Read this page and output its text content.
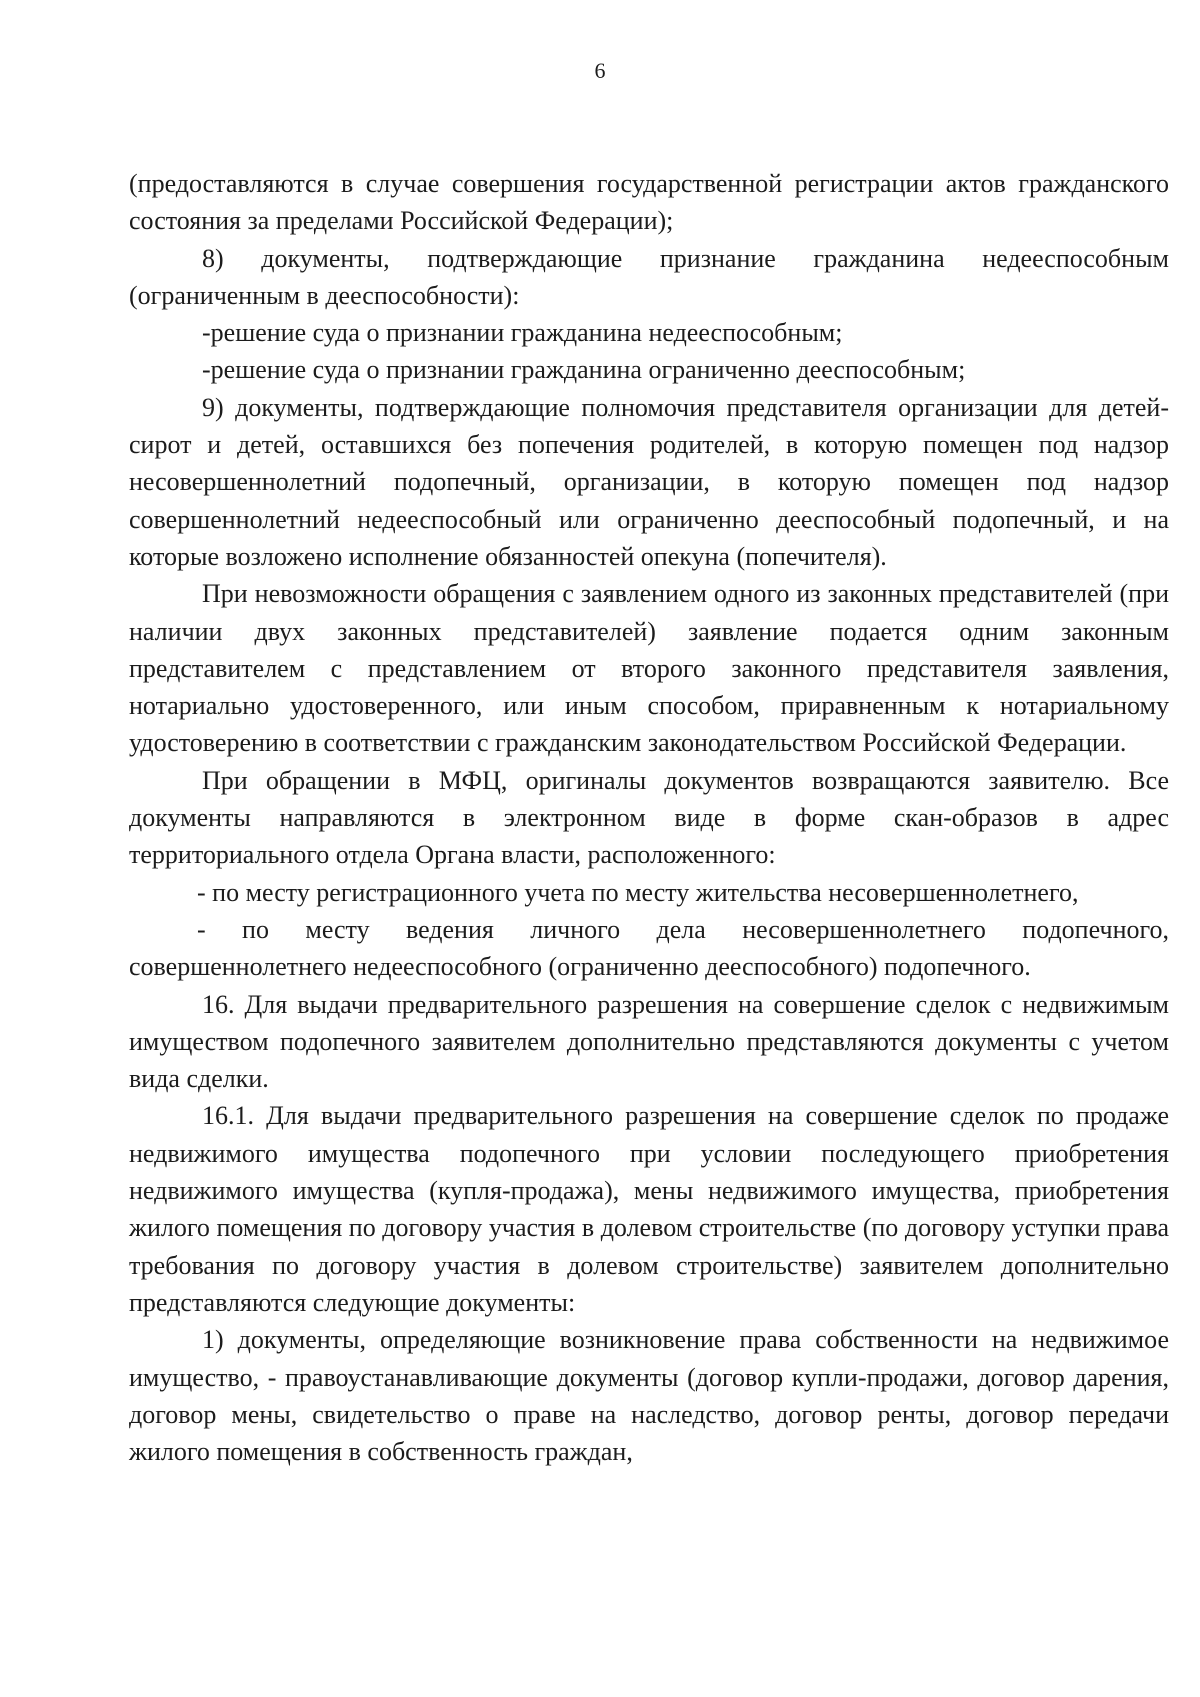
6

(предоставляются в случае совершения государственной регистрации актов гражданского состояния за пределами Российской Федерации);

8) документы, подтверждающие признание гражданина недееспособным (ограниченным в дееспособности):

-решение суда о признании гражданина недееспособным;

-решение суда о признании гражданина ограниченно дееспособным;

9) документы, подтверждающие полномочия представителя организации для детей-сирот и детей, оставшихся без попечения родителей, в которую помещен под надзор несовершеннолетний подопечный, организации, в которую помещен под надзор совершеннолетний недееспособный или ограниченно дееспособный подопечный, и на которые возложено исполнение обязанностей опекуна (попечителя).

При невозможности обращения с заявлением одного из законных представителей (при наличии двух законных представителей) заявление подается одним законным представителем с представлением от второго законного представителя заявления, нотариально удостоверенного, или иным способом, приравненным к нотариальному удостоверению в соответствии с гражданским законодательством Российской Федерации.

При обращении в МФЦ, оригиналы документов возвращаются заявителю. Все документы направляются в электронном виде в форме скан-образов в адрес территориального отдела Органа власти, расположенного:

- по месту регистрационного учета по месту жительства несовершеннолетнего,

- по месту ведения личного дела несовершеннолетнего подопечного, совершеннолетнего недееспособного (ограниченно дееспособного) подопечного.

16. Для выдачи предварительного разрешения на совершение сделок с недвижимым имуществом подопечного заявителем дополнительно представляются документы с учетом вида сделки.

16.1. Для выдачи предварительного разрешения на совершение сделок по продаже недвижимого имущества подопечного при условии последующего приобретения недвижимого имущества (купля-продажа), мены недвижимого имущества, приобретения жилого помещения по договору участия в долевом строительстве (по договору уступки права требования по договору участия в долевом строительстве) заявителем дополнительно представляются следующие документы:

1) документы, определяющие возникновение права собственности на недвижимое имущество, - правоустанавливающие документы (договор купли-продажи, договор дарения, договор мены, свидетельство о праве на наследство, договор ренты, договор передачи жилого помещения в собственность граждан,
